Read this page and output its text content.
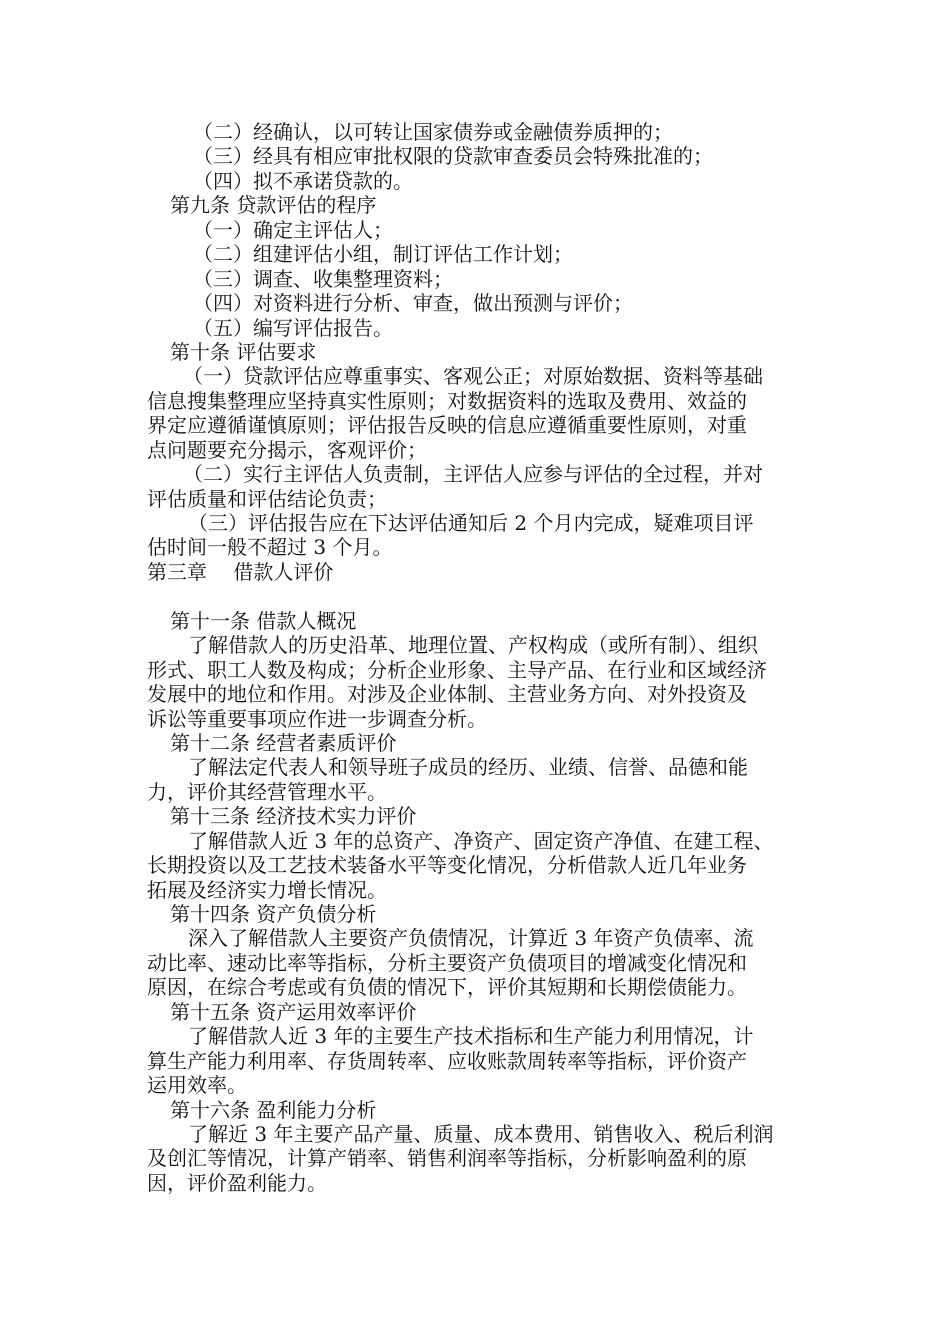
（二）经确认，以可转让国家债券或金融债券质押的；
（三）经具有相应审批权限的贷款审查委员会特殊批准的；
（四）拟不承诺贷款的。
第九条 贷款评估的程序
（一）确定主评估人；
（二）组建评估小组，制订评估工作计划；
（三）调查、收集整理资料；
（四）对资料进行分析、审查，做出预测与评价；
（五）编写评估报告。
第十条 评估要求
（一）贷款评估应尊重事实、客观公正；对原始数据、资料等基础
信息搜集整理应坚持真实性原则；对数据资料的选取及费用、效益的
界定应遵循谨慎原则；评估报告反映的信息应遵循重要性原则，对重
点问题要充分揭示，客观评价；
（二）实行主评估人负责制，主评估人应参与评估的全过程，并对
评估质量和评估结论负责；
（三）评估报告应在下达评估通知后 2 个月内完成，疑难项目评
估时间一般不超过 3 个月。
第三章　 借款人评价
第十一条 借款人概况
了解借款人的历史沿革、地理位置、产权构成（或所有制）、组织
形式、职工人数及构成；分析企业形象、主导产品、在行业和区域经济
发展中的地位和作用。对涉及企业体制、主营业务方向、对外投资及
诉讼等重要事项应作进一步调查分析。
第十二条 经营者素质评价
了解法定代表人和领导班子成员的经历、业绩、信誉、品德和能
力，评价其经营管理水平。
第十三条 经济技术实力评价
了解借款人近 3 年的总资产、净资产、固定资产净值、在建工程、
长期投资以及工艺技术装备水平等变化情况，分析借款人近几年业务
拓展及经济实力增长情况。
第十四条 资产负债分析
深入了解借款人主要资产负债情况，计算近 3 年资产负债率、流
动比率、速动比率等指标，分析主要资产负债项目的增减变化情况和
原因，在综合考虑或有负债的情况下，评价其短期和长期偿债能力。
第十五条 资产运用效率评价
了解借款人近 3 年的主要生产技术指标和生产能力利用情况，计
算生产能力利用率、存货周转率、应收账款周转率等指标，评价资产
运用效率。
第十六条 盈利能力分析
了解近 3 年主要产品产量、质量、成本费用、销售收入、税后利润
及创汇等情况，计算产销率、销售利润率等指标，分析影响盈利的原
因，评价盈利能力。
